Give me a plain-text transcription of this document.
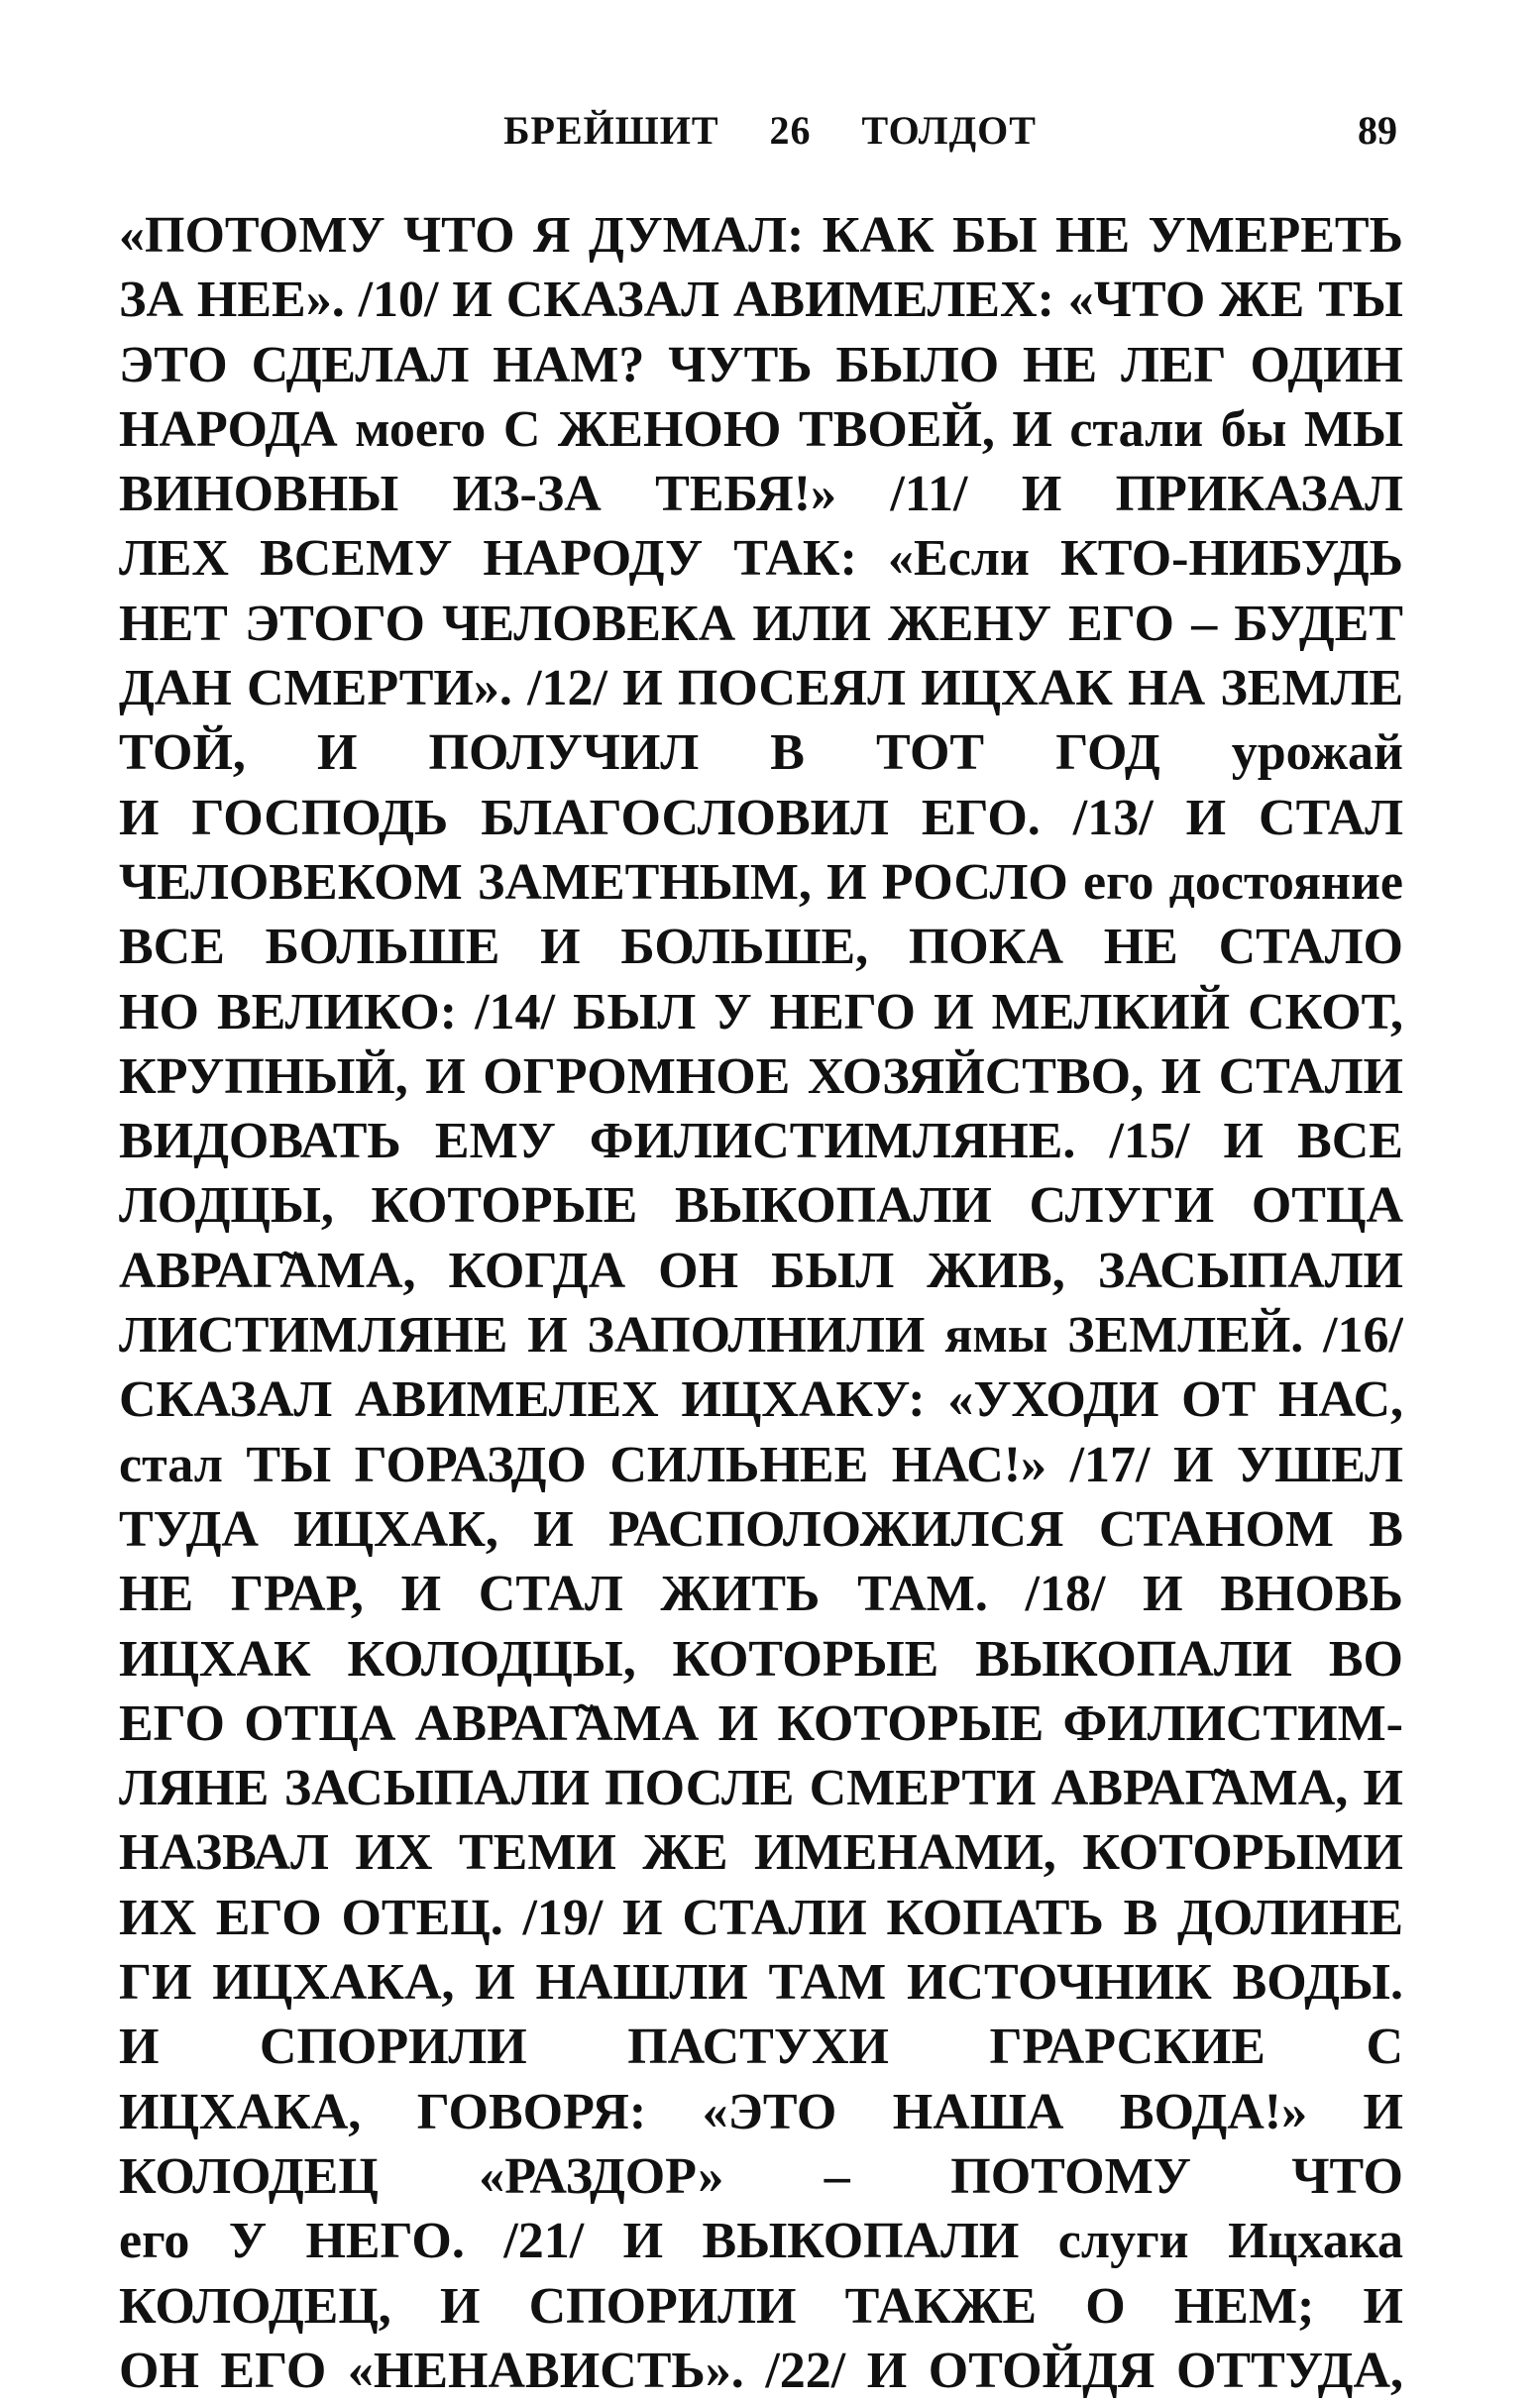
БРЕЙШИТ 26 ТОЛДОТ	89
«ПОТОМУ ЧТО Я ДУМАЛ: КАК БЫ НЕ УМЕРЕТЬ
ЗА НЕЕ». /10/ И СКАЗАЛ АВИМЕЛЕХ: «ЧТО ЖЕ ТЫ
ЭТО СДЕЛАЛ НАМ? ЧУТЬ БЫЛО НЕ ЛЕГ ОДИН
НАРОДА моего С ЖЕНОЮ ТВОЕЙ, И стали бы МЫ
ВИНОВНЫ ИЗ-ЗА ТЕБЯ!» /11/ И ПРИКАЗАЛ
ЛЕХ ВСЕМУ НАРОДУ ТАК: «Если КТО-НИБУДЬ
НЕТ ЭТОГО ЧЕЛОВЕКА ИЛИ ЖЕНУ ЕГО – БУДЕТ
ДАН СМЕРТИ». /12/ И ПОСЕЯЛ ИЦХАК НА ЗЕМЛЕ
ТОЙ, И ПОЛУЧИЛ В ТОТ ГОД урожай
И ГОСПОДЬ БЛАГОСЛОВИЛ ЕГО. /13/ И СТАЛ
ЧЕЛОВЕКОМ ЗАМЕТНЫМ, И РОСЛО его достояние
ВСЕ БОЛЬШЕ И БОЛЬШЕ, ПОКА НЕ СТАЛО
НО ВЕЛИКО: /14/ БЫЛ У НЕГО И МЕЛКИЙ СКОТ,
КРУПНЫЙ, И ОГРОМНОЕ ХОЗЯЙСТВО, И СТАЛИ
ВИДОВАТЬ ЕМУ ФИЛИСТИМЛЯНЕ. /15/ И ВСЕ
ЛОДЦЫ, КОТОРЫЕ ВЫКОПАЛИ СЛУГИ ОТЦА
АВРАГ̃АМА, КОГДА ОН БЫЛ ЖИВ, ЗАСЫПАЛИ
ЛИСТИМЛЯНЕ И ЗАПОЛНИЛИ ямы ЗЕМЛЕЙ. /16/
СКАЗАЛ АВИМЕЛЕХ ИЦХАКУ: «УХОДИ ОТ НАС,
стал ТЫ ГОРАЗДО СИЛЬНЕЕ НАС!» /17/ И УШЕЛ
ТУДА ИЦХАК, И РАСПОЛОЖИЛСЯ СТАНОМ В
НЕ ГРАР, И СТАЛ ЖИТЬ ТАМ. /18/ И ВНОВЬ
ИЦХАК КОЛОДЦЫ, КОТОРЫЕ ВЫКОПАЛИ ВО
ЕГО ОТЦА АВРАГ̃АМА И КОТОРЫЕ ФИЛИСТИМ-
ЛЯНЕ ЗАСЫПАЛИ ПОСЛЕ СМЕРТИ АВРАГ̃АМА, И
НАЗВАЛ ИХ ТЕМИ ЖЕ ИМЕНАМИ, КОТОРЫМИ
ИХ ЕГО ОТЕЦ. /19/ И СТАЛИ КОПАТЬ В ДОЛИНЕ
ГИ ИЦХАКА, И НАШЛИ ТАМ ИСТОЧНИК ВОДЫ.
И СПОРИЛИ ПАСТУХИ ГРАРСКИЕ С
ИЦХАКА, ГОВОРЯ: «ЭТО НАША ВОДА!» И
КОЛОДЕЦ «РАЗДОР» – ПОТОМУ ЧТО
его У НЕГО. /21/ И ВЫКОПАЛИ слуги Ицхака
КОЛОДЕЦ, И СПОРИЛИ ТАКЖЕ О НЕМ; И
ОН ЕГО «НЕНАВИСТЬ». /22/ И ОТОЙДЯ ОТТУДА,
